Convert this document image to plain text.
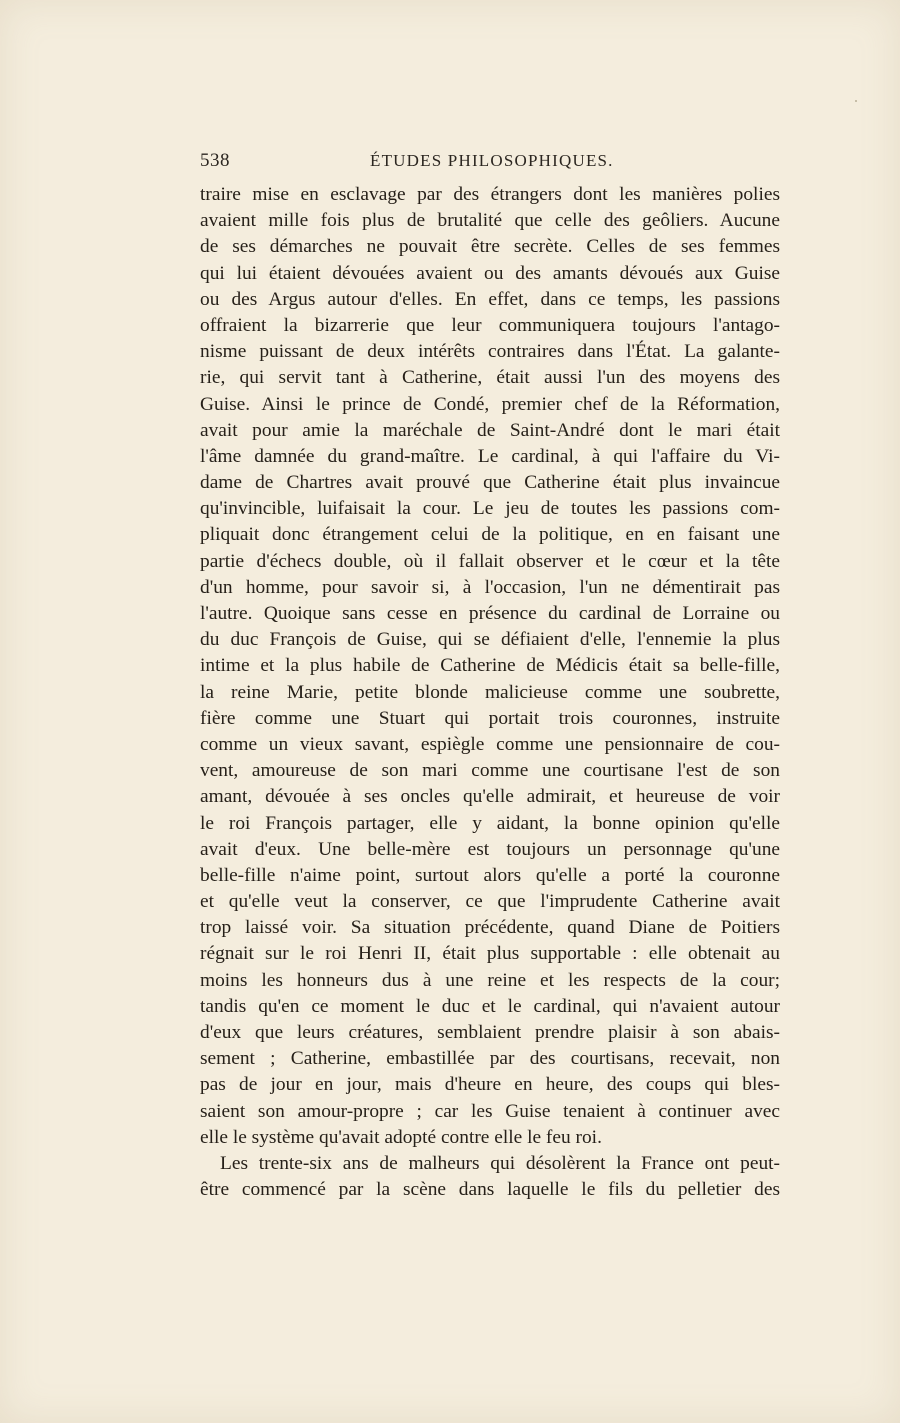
538	ÉTUDES PHILOSOPHIQUES.
traire mise en esclavage par des étrangers dont les manières polies
avaient mille fois plus de brutalité que celle des geôliers. Aucune
de ses démarches ne pouvait être secrète. Celles de ses femmes
qui lui étaient dévouées avaient ou des amants dévoués aux Guise
ou des Argus autour d'elles. En effet, dans ce temps, les passions
offraient la bizarrerie que leur communiquera toujours l'antago-
nisme puissant de deux intérêts contraires dans l'État. La galante-
rie, qui servit tant à Catherine, était aussi l'un des moyens des
Guise. Ainsi le prince de Condé, premier chef de la Réformation,
avait pour amie la maréchale de Saint-André dont le mari était
l'âme damnée du grand-maître. Le cardinal, à qui l'affaire du Vi-
dame de Chartres avait prouvé que Catherine était plus invaincue
qu'invincible, luifaisait la cour. Le jeu de toutes les passions com-
pliquait donc étrangement celui de la politique, en en faisant une
partie d'échecs double, où il fallait observer et le cœur et la tête
d'un homme, pour savoir si, à l'occasion, l'un ne démentirait pas
l'autre. Quoique sans cesse en présence du cardinal de Lorraine ou
du duc François de Guise, qui se défiaient d'elle, l'ennemie la plus
intime et la plus habile de Catherine de Médicis était sa belle-fille,
la reine Marie, petite blonde malicieuse comme une soubrette,
fière comme une Stuart qui portait trois couronnes, instruite
comme un vieux savant, espiègle comme une pensionnaire de cou-
vent, amoureuse de son mari comme une courtisane l'est de son
amant, dévouée à ses oncles qu'elle admirait, et heureuse de voir
le roi François partager, elle y aidant, la bonne opinion qu'elle
avait d'eux. Une belle-mère est toujours un personnage qu'une
belle-fille n'aime point, surtout alors qu'elle a porté la couronne
et qu'elle veut la conserver, ce que l'imprudente Catherine avait
trop laissé voir. Sa situation précédente, quand Diane de Poitiers
régnait sur le roi Henri II, était plus supportable : elle obtenait au
moins les honneurs dus à une reine et les respects de la cour;
tandis qu'en ce moment le duc et le cardinal, qui n'avaient autour
d'eux que leurs créatures, semblaient prendre plaisir à son abais-
sement ; Catherine, embastillée par des courtisans, recevait, non
pas de jour en jour, mais d'heure en heure, des coups qui bles-
saient son amour-propre ; car les Guise tenaient à continuer avec
elle le système qu'avait adopté contre elle le feu roi.
Les trente-six ans de malheurs qui désolèrent la France ont peut-
être commencé par la scène dans laquelle le fils du pelletier des
